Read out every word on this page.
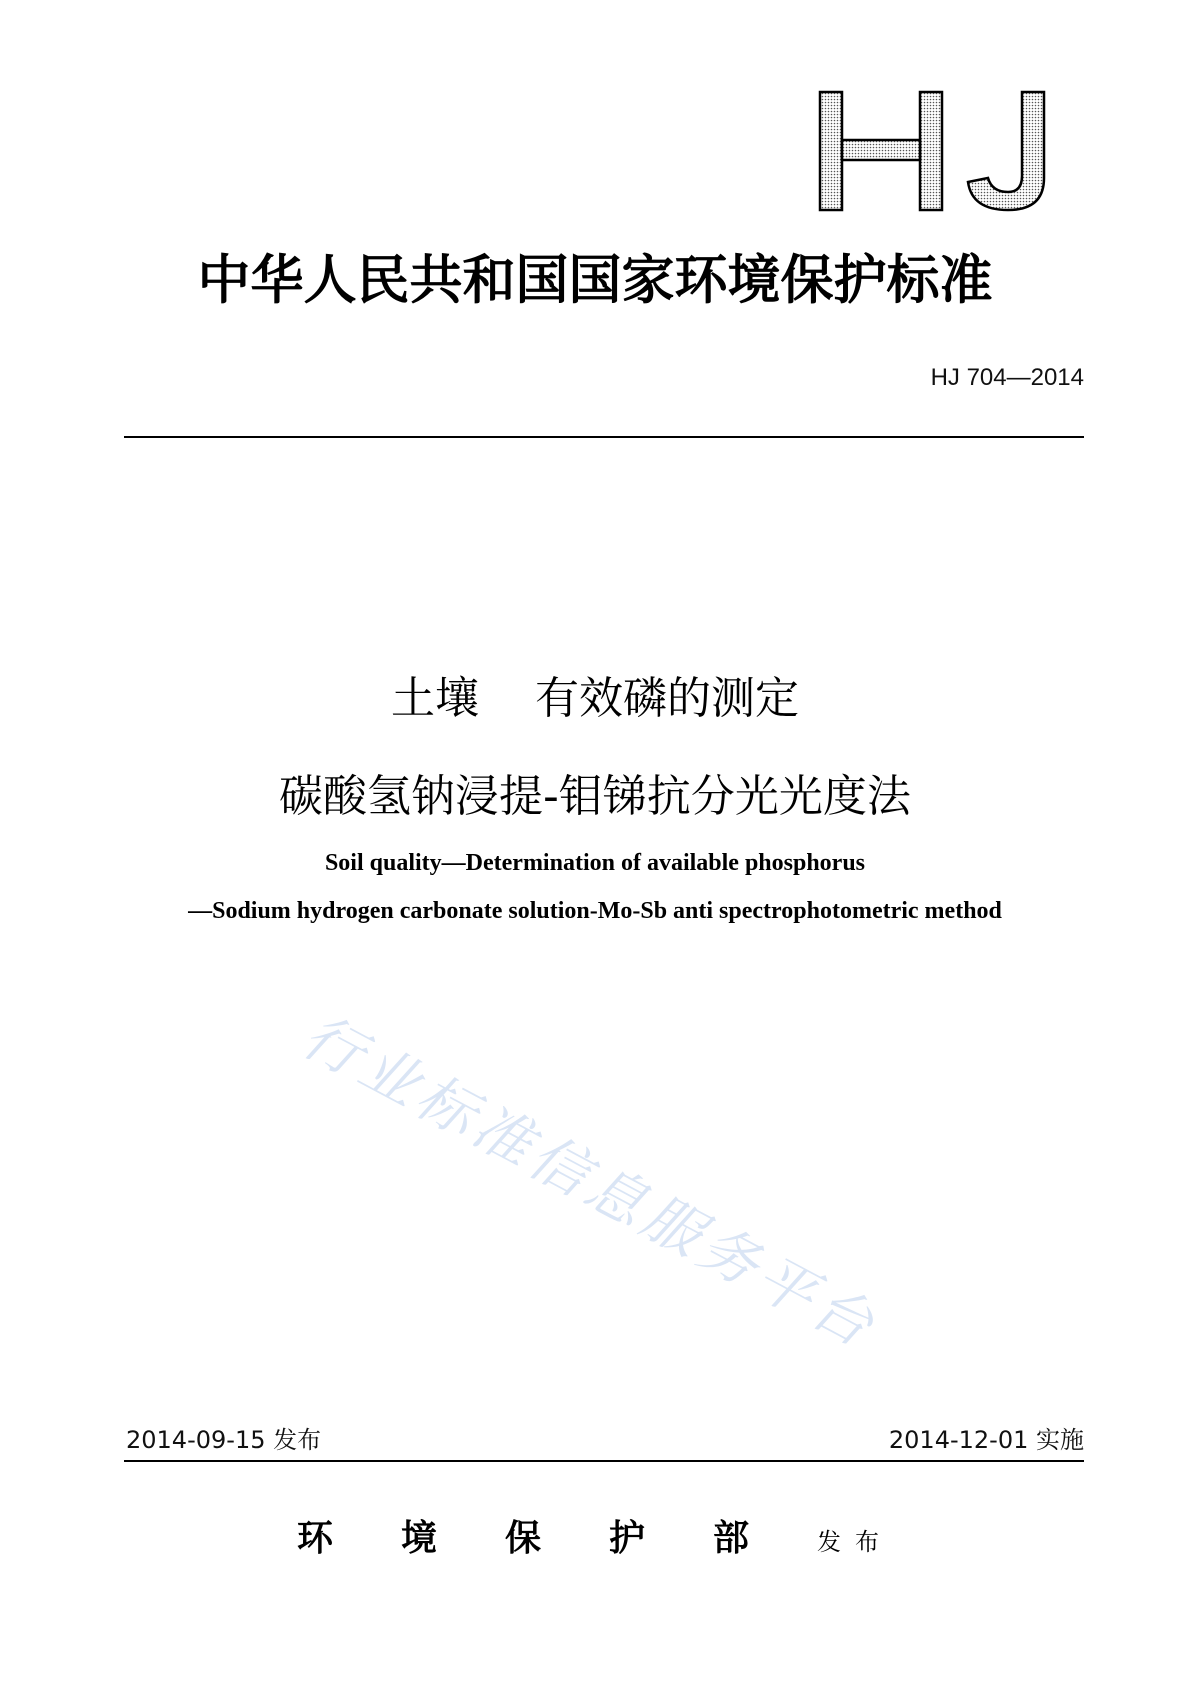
中华人民共和国国家环境保护标准
HJ 704—2014
土壤 有效磷的测定
碳酸氢钠浸提-钼锑抗分光光度法
Soil quality—Determination of available phosphorus
—Sodium hydrogen carbonate solution-Mo-Sb anti spectrophotometric method
行业标准信息服务平台
2014-09-15 发布	2014-12-01 实施
环境保护部发布
